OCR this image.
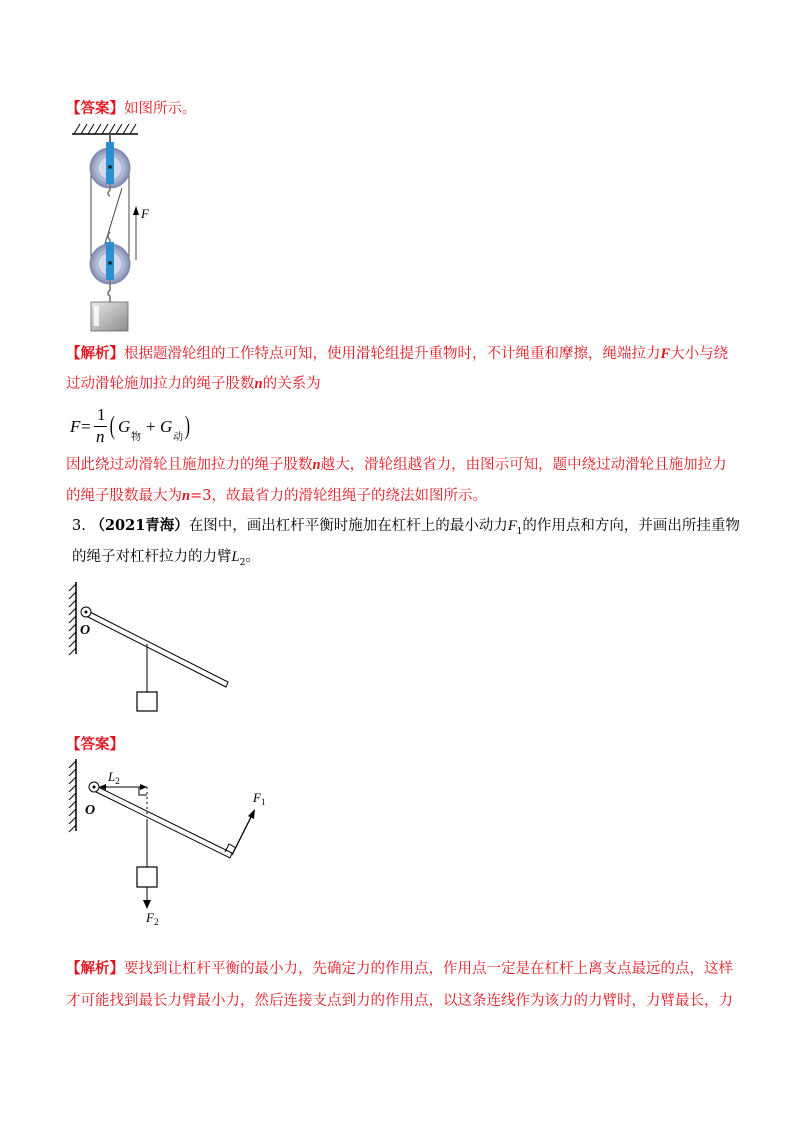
【答案】如图所示。
F
【解析】根据题滑轮组的工作特点可知，使用滑轮组提升重物时，不计绳重和摩擦，绳端拉力F大小与绕
过动滑轮施加拉力的绳子股数n的关系为
F =
1
n ( G
物
+ G
动 )
因此绕过动滑轮且施加拉力的绳子股数n越大，滑轮组越省力，由图示可知，题中绕过动滑轮且施加拉力
的绳子股数最大为n=3，故最省力的滑轮组绳子的绕法如图所示。
3. （2021青海）在图中，画出杠杆平衡时施加在杠杆上的最小动力$F_1$的作用点和方向，并画出所挂重物
的绳子对杠杆拉力的力臂$L_2$。
O
【答案】
O
$L_2$
$F_2$
$F_1$
【解析】要找到让杠杆平衡的最小力，先确定力的作用点，作用点一定是在杠杆上离支点最远的点，这样
才可能找到最长力臂最小力，然后连接支点到力的作用点，以这条连线作为该力的力臂时，力臂最长，力
